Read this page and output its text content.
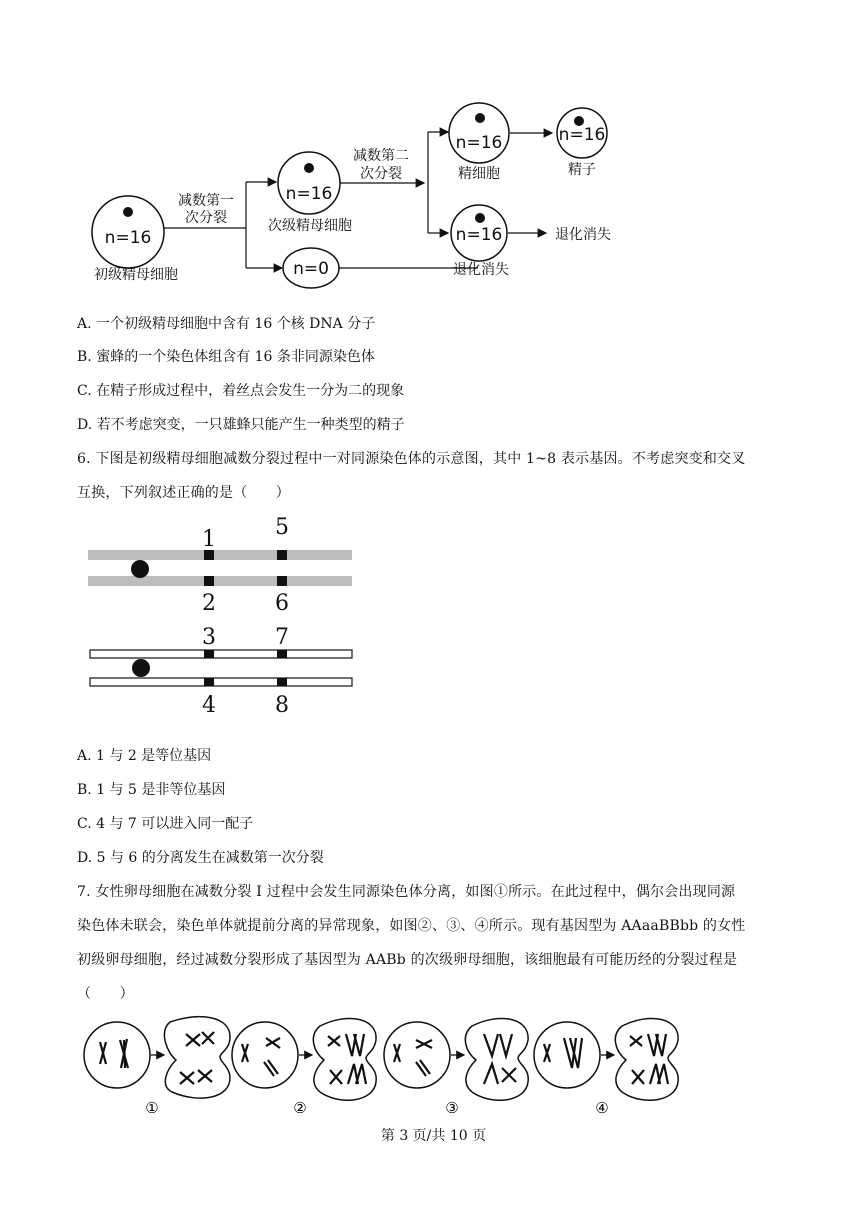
n=16
初级精母细胞
减数第一
次分裂
n=16
次级精母细胞
n=0	退化消失
减数第二
次分裂
n=16
精细胞
n=16
精子
n=16	退化消失
A. 一个初级精母细胞中含有 16 个核 DNA 分子
B. 蜜蜂的一个染色体组含有 16 条非同源染色体
C. 在精子形成过程中，着丝点会发生一分为二的现象
D. 若不考虑突变，一只雄蜂只能产生一种类型的精子
6. 下图是初级精母细胞减数分裂过程中一对同源染色体的示意图，其中 1~8 表示基因。不考虑突变和交叉
互换，下列叙述正确的是（　　）
1	5
2	6
3	7
4	8
A. 1 与 2 是等位基因
B. 1 与 5 是非等位基因
C. 4 与 7 可以进入同一配子
D. 5 与 6 的分离发生在减数第一次分裂
7. 女性卵母细胞在减数分裂 I 过程中会发生同源染色体分离，如图①所示。在此过程中，偶尔会出现同源
染色体未联会，染色单体就提前分离的异常现象，如图②、③、④所示。现有基因型为 AAaaBBbb 的女性
初级卵母细胞，经过减数分裂形成了基因型为 AABb 的次级卵母细胞，该细胞最有可能历经的分裂过程是
（　　）
①	②	③	④
第 3 页/共 10 页
